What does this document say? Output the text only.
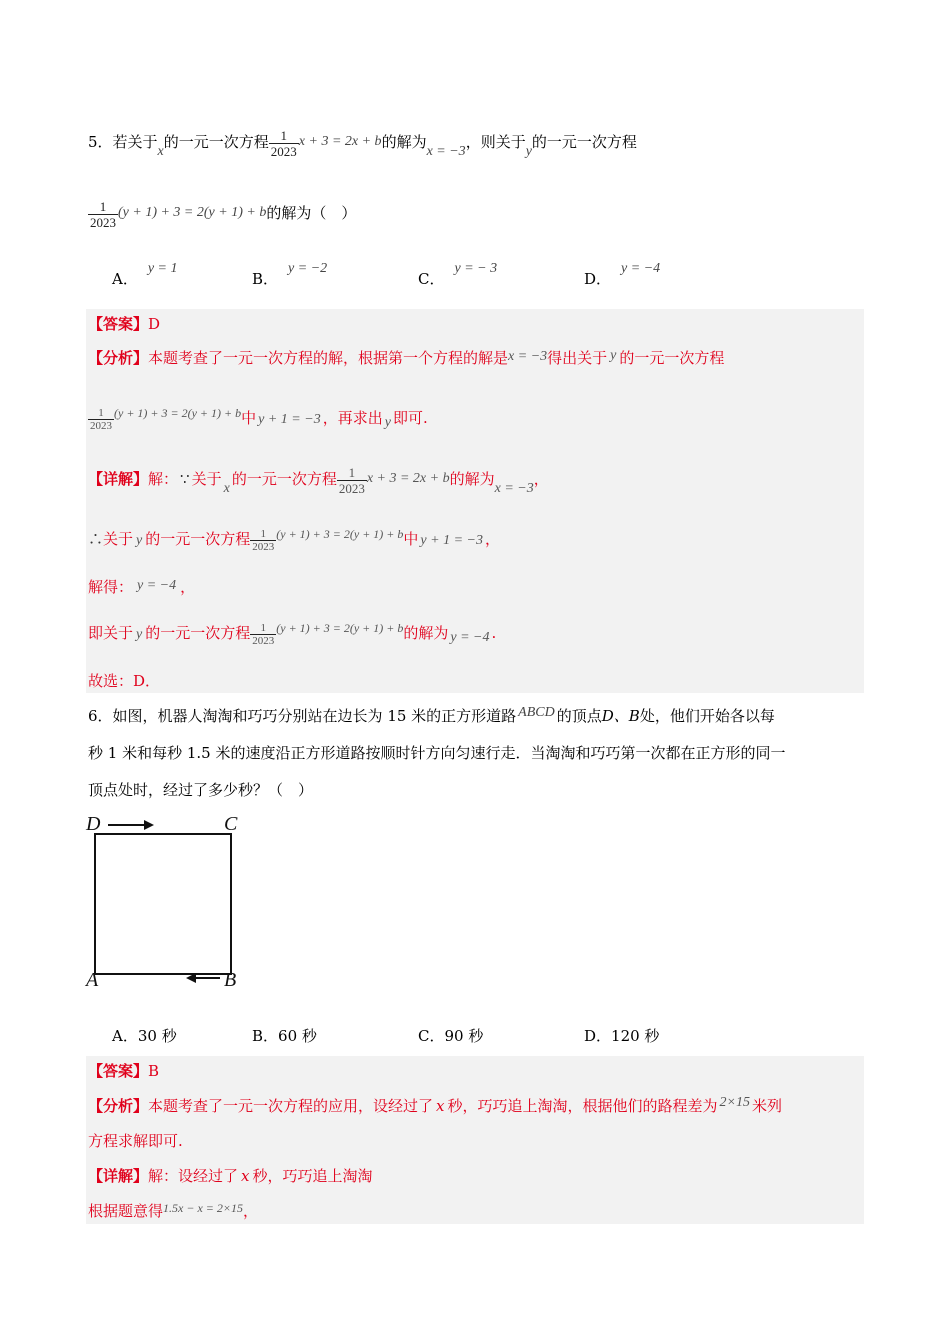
5．若关于x的一元一次方程 $\frac{1}{2023}$ x + 3 = 2x + b的解为x = −3，则关于y的一元一次方程
$\frac{1}{2023} (y + 1) + 3 = 2(y + 1) + b$的解为（　）
A．y = 1
B．y = −2
C．y = − 3
D．y = −4
【答案】D
【分析】本题考查了一元一次方程的解，根据第一个方程的解是x = −3得出关于 y 的一元一次方程
$\frac{1}{2023} ^{(y + 1) + 3 = 2(y + 1) + b}$中 y + 1 = −3 ，再求出 y 即可.
【详解】解： ∵ 关于x的一元一次方程 $\frac{1}{2023}$ x + 3 = 2x + b的解为x = −3，
∴关于 y 的一元一次方程 $\frac{1}{2023} ^{(y + 1) + 3 = 2(y + 1) + b}$中 y + 1 = −3 ，
解得： y = −4 ，
即关于 y 的一元一次方程 $\frac{1}{2023} ^{(y + 1) + 3 = 2(y + 1) + b}$的解为 y = −4 .
故选：D．
6．如图，机器人淘淘和巧巧分别站在边长为 15 米的正方形道路 ABCD 的顶点D、B处，他们开始各以每
秒 1 米和每秒 1.5 米的速度沿正方形道路按顺时针方向匀速行走．当淘淘和巧巧第一次都在正方形的同一
顶点处时，经过了多少秒？（　）
D	C
A	B
A．30 秒	B．60 秒	C．90 秒	D．120 秒
【答案】B
【分析】本题考查了一元一次方程的应用，设经过了 x 秒，巧巧追上淘淘，根据他们的路程差为 2×15 米列
方程求解即可.
【详解】解：设经过了 x 秒，巧巧追上淘淘
根据题意得$^{1.5x - x = 2\times 15}$，
